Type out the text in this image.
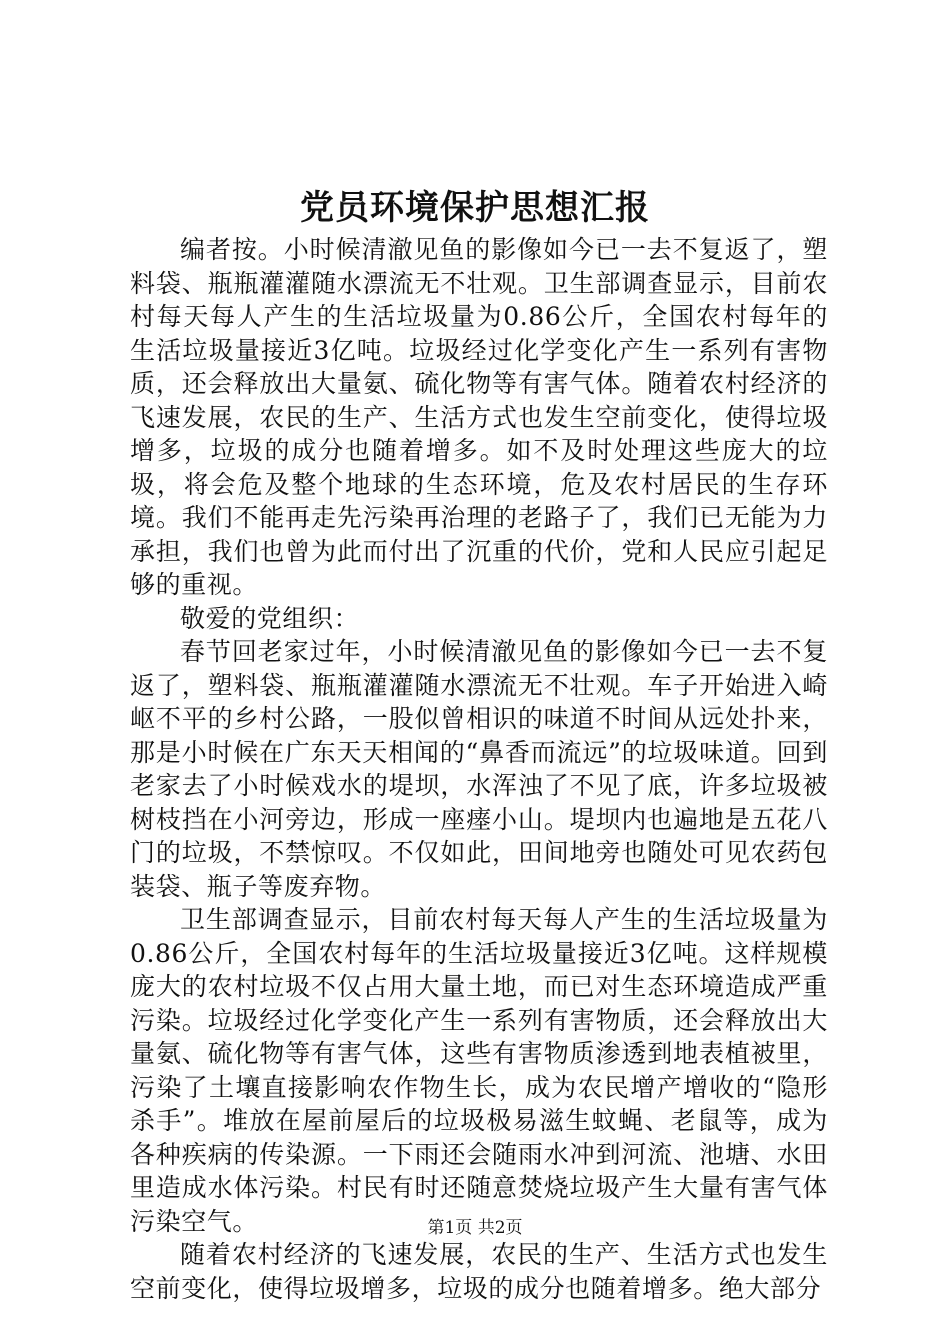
党员环境保护思想汇报

编者按。小时候清澈见鱼的影像如今已一去不复返了，塑料袋、瓶瓶灌灌随水漂流无不壮观。卫生部调查显示，目前农村每天每人产生的生活垃圾量为0.86公斤，全国农村每年的生活垃圾量接近3亿吨。垃圾经过化学变化产生一系列有害物质，还会释放出大量氨、硫化物等有害气体。随着农村经济的飞速发展，农民的生产、生活方式也发生空前变化，使得垃圾增多，垃圾的成分也随着增多。如不及时处理这些庞大的垃圾，将会危及整个地球的生态环境，危及农村居民的生存环境。我们不能再走先污染再治理的老路子了，我们已无能为力承担，我们也曾为此而付出了沉重的代价，党和人民应引起足够的重视。

敬爱的党组织：

春节回老家过年，小时候清澈见鱼的影像如今已一去不复返了，塑料袋、瓶瓶灌灌随水漂流无不壮观。车子开始进入崎岖不平的乡村公路，一股似曾相识的味道不时间从远处扑来，那是小时候在广东天天相闻的“鼻香而流远”的垃圾味道。回到老家去了小时候戏水的堤坝，水浑浊了不见了底，许多垃圾被树枝挡在小河旁边，形成一座瘗小山。堤坝内也遍地是五花八门的垃圾，不禁惊叹。不仅如此，田间地旁也随处可见农药包装袋、瓶子等废弃物。

卫生部调查显示，目前农村每天每人产生的生活垃圾量为0.86公斤，全国农村每年的生活垃圾量接近3亿吨。这样规模庞大的农村垃圾不仅占用大量土地，而已对生态环境造成严重污染。垃圾经过化学变化产生一系列有害物质，还会释放出大量氨、硫化物等有害气体，这些有害物质渗透到地表植被里，污染了土壤直接影响农作物生长，成为农民增产增收的“隐形杀手”。堆放在屋前屋后的垃圾极易滋生蚊蝇、老鼠等，成为各种疾病的传染源。一下雨还会随雨水冲到河流、池塘、水田里造成水体污染。村民有时还随意焚烧垃圾产生大量有害气体污染空气。

随着农村经济的飞速发展，农民的生产、生活方式也发生空前变化，使得垃圾增多，垃圾的成分也随着增多。绝大部分

第1页 共2页
